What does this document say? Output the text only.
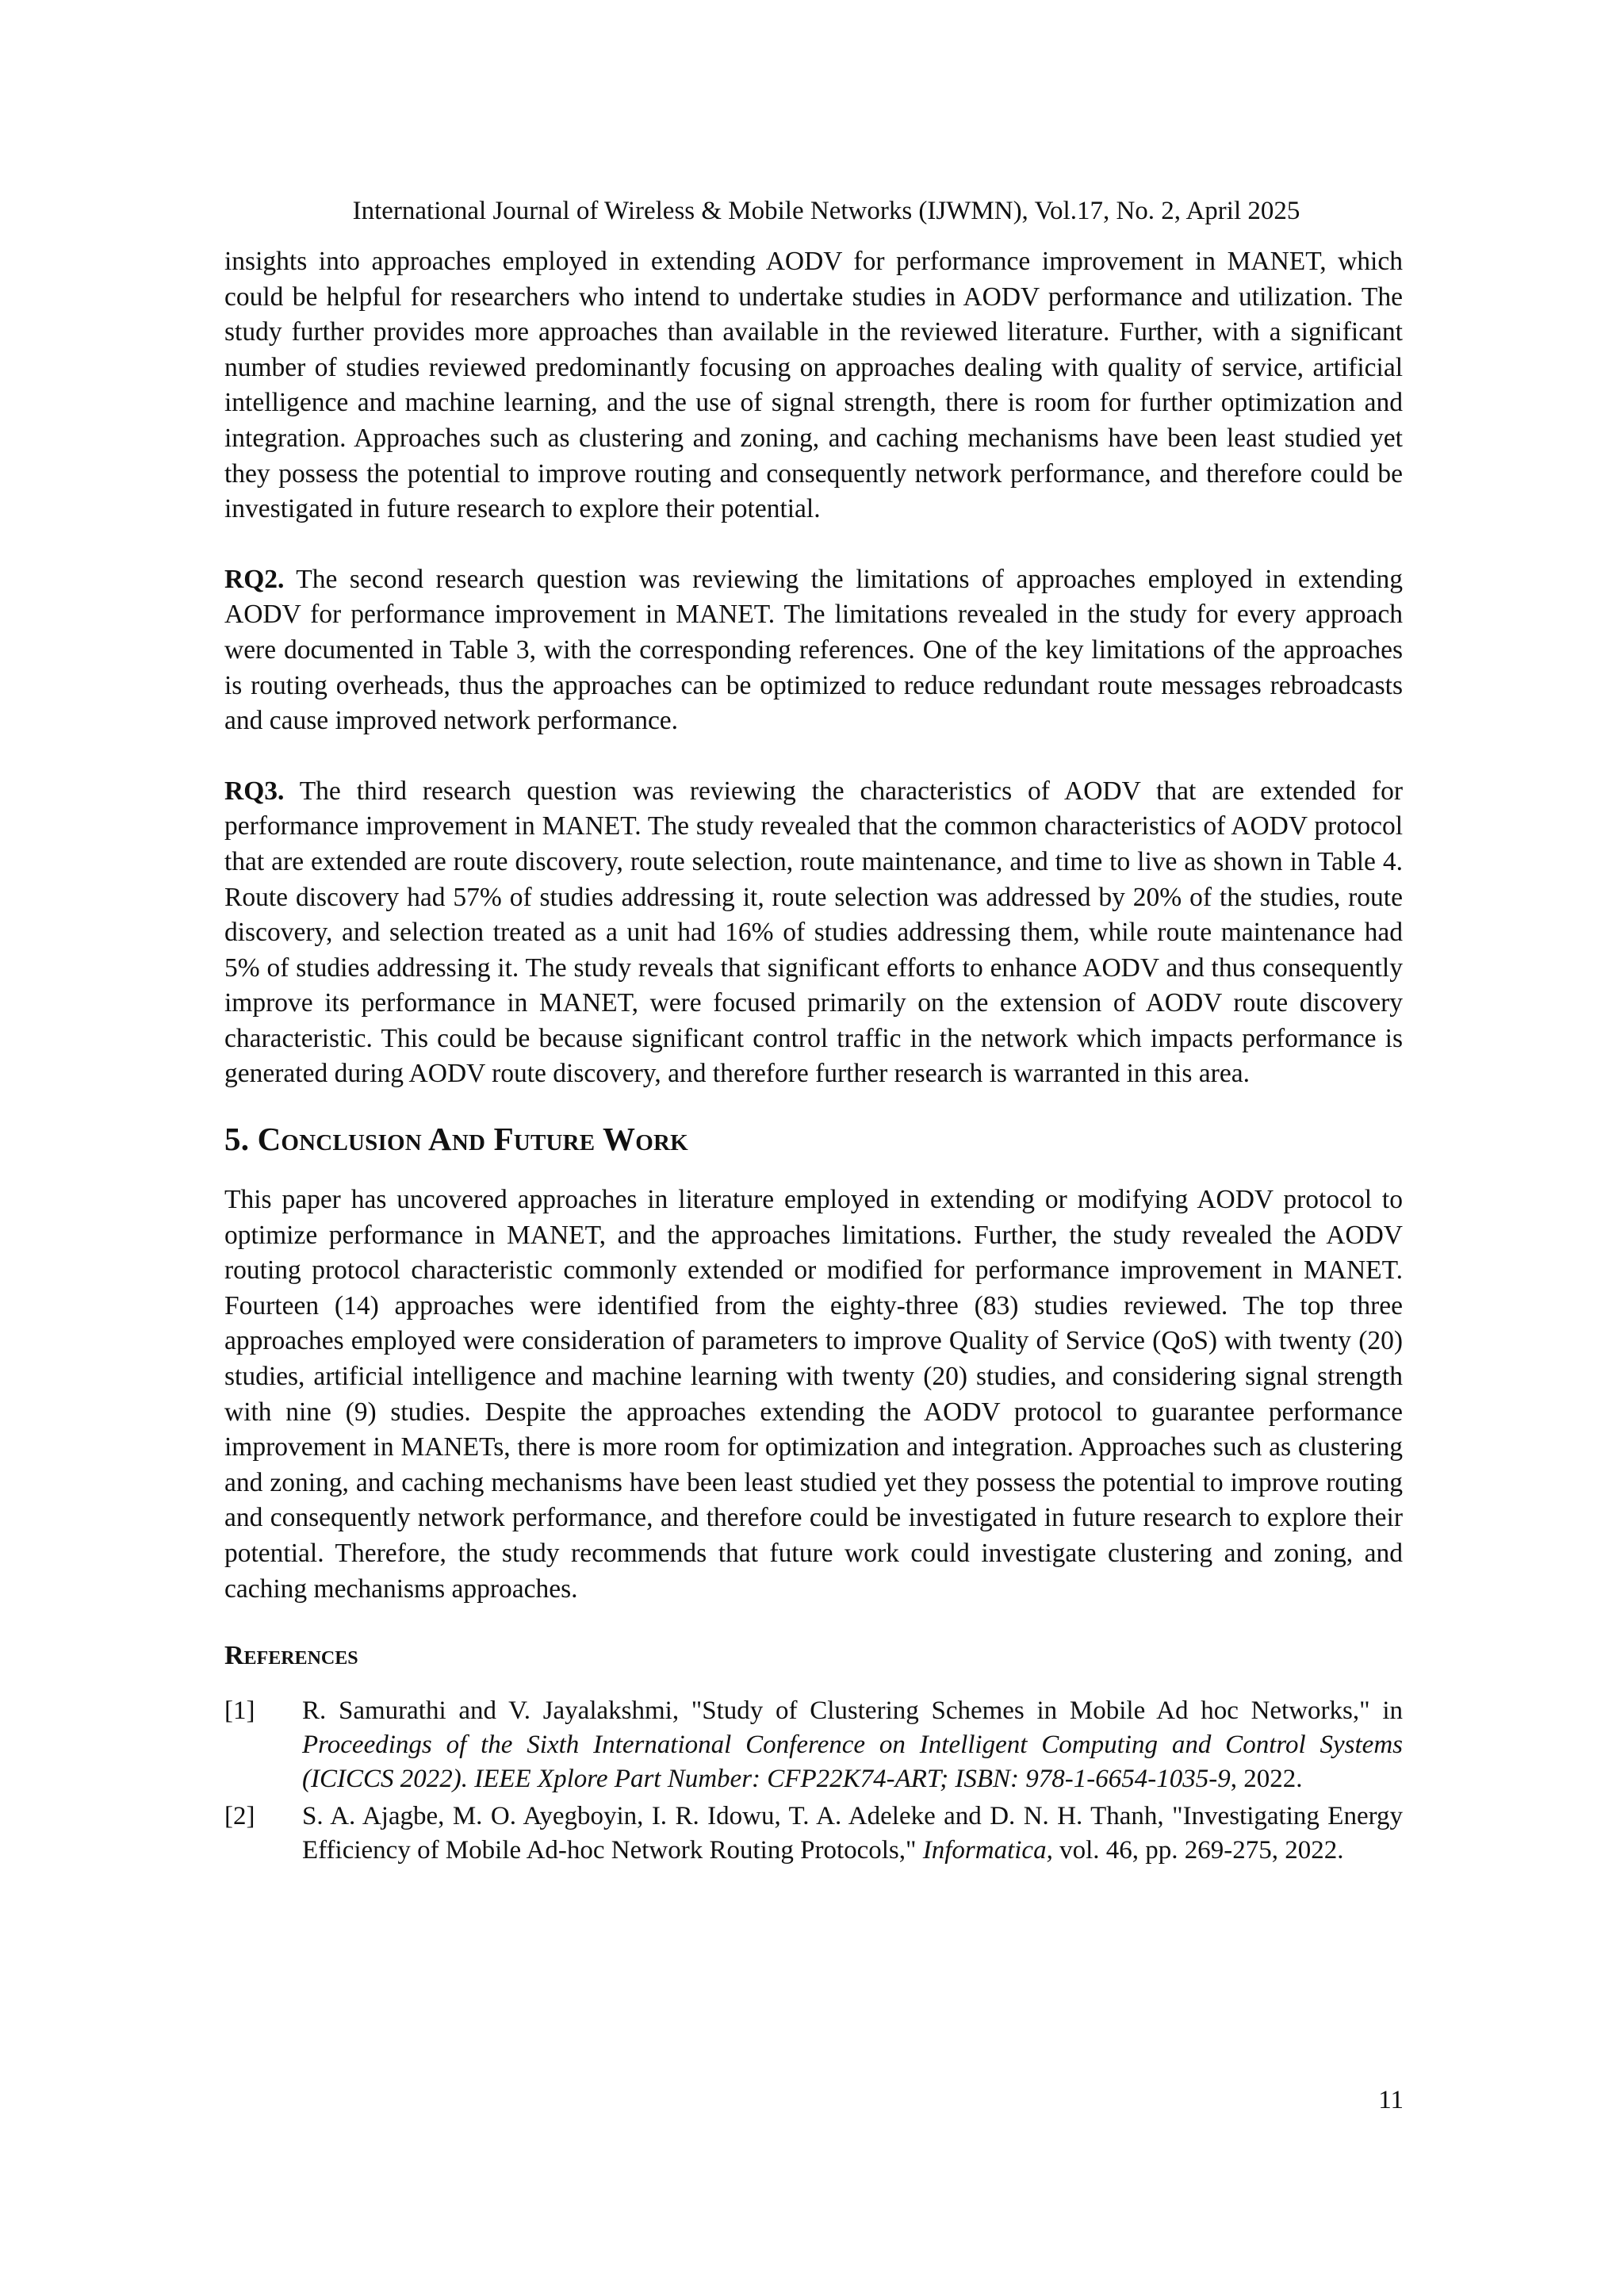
International Journal of Wireless & Mobile Networks (IJWMN), Vol.17, No. 2, April 2025

insights into approaches employed in extending AODV for performance improvement in MANET, which could be helpful for researchers who intend to undertake studies in AODV performance and utilization. The study further provides more approaches than available in the reviewed literature. Further, with a significant number of studies reviewed predominantly focusing on approaches dealing with quality of service, artificial intelligence and machine learning, and the use of signal strength, there is room for further optimization and integration. Approaches such as clustering and zoning, and caching mechanisms have been least studied yet they possess the potential to improve routing and consequently network performance, and therefore could be investigated in future research to explore their potential.

RQ2. The second research question was reviewing the limitations of approaches employed in extending AODV for performance improvement in MANET. The limitations revealed in the study for every approach were documented in Table 3, with the corresponding references. One of the key limitations of the approaches is routing overheads, thus the approaches can be optimized to reduce redundant route messages rebroadcasts and cause improved network performance.

RQ3. The third research question was reviewing the characteristics of AODV that are extended for performance improvement in MANET. The study revealed that the common characteristics of AODV protocol that are extended are route discovery, route selection, route maintenance, and time to live as shown in Table 4. Route discovery had 57% of studies addressing it, route selection was addressed by 20% of the studies, route discovery, and selection treated as a unit had 16% of studies addressing them, while route maintenance had 5% of studies addressing it. The study reveals that significant efforts to enhance AODV and thus consequently improve its performance in MANET, were focused primarily on the extension of AODV route discovery characteristic. This could be because significant control traffic in the network which impacts performance is generated during AODV route discovery, and therefore further research is warranted in this area.

5. Conclusion And Future Work

This paper has uncovered approaches in literature employed in extending or modifying AODV protocol to optimize performance in MANET, and the approaches limitations. Further, the study revealed the AODV routing protocol characteristic commonly extended or modified for performance improvement in MANET. Fourteen (14) approaches were identified from the eighty-three (83) studies reviewed. The top three approaches employed were consideration of parameters to improve Quality of Service (QoS) with twenty (20) studies, artificial intelligence and machine learning with twenty (20) studies, and considering signal strength with nine (9) studies. Despite the approaches extending the AODV protocol to guarantee performance improvement in MANETs, there is more room for optimization and integration. Approaches such as clustering and zoning, and caching mechanisms have been least studied yet they possess the potential to improve routing and consequently network performance, and therefore could be investigated in future research to explore their potential. Therefore, the study recommends that future work could investigate clustering and zoning, and caching mechanisms approaches.

References
[1] R. Samurathi and V. Jayalakshmi, "Study of Clustering Schemes in Mobile Ad hoc Networks," in Proceedings of the Sixth International Conference on Intelligent Computing and Control Systems (ICICCS 2022). IEEE Xplore Part Number: CFP22K74-ART; ISBN: 978-1-6654-1035-9, 2022.
[2] S. A. Ajagbe, M. O. Ayegboyin, I. R. Idowu, T. A. Adeleke and D. N. H. Thanh, "Investigating Energy Efficiency of Mobile Ad-hoc Network Routing Protocols," Informatica, vol. 46, pp. 269-275, 2022.
11
